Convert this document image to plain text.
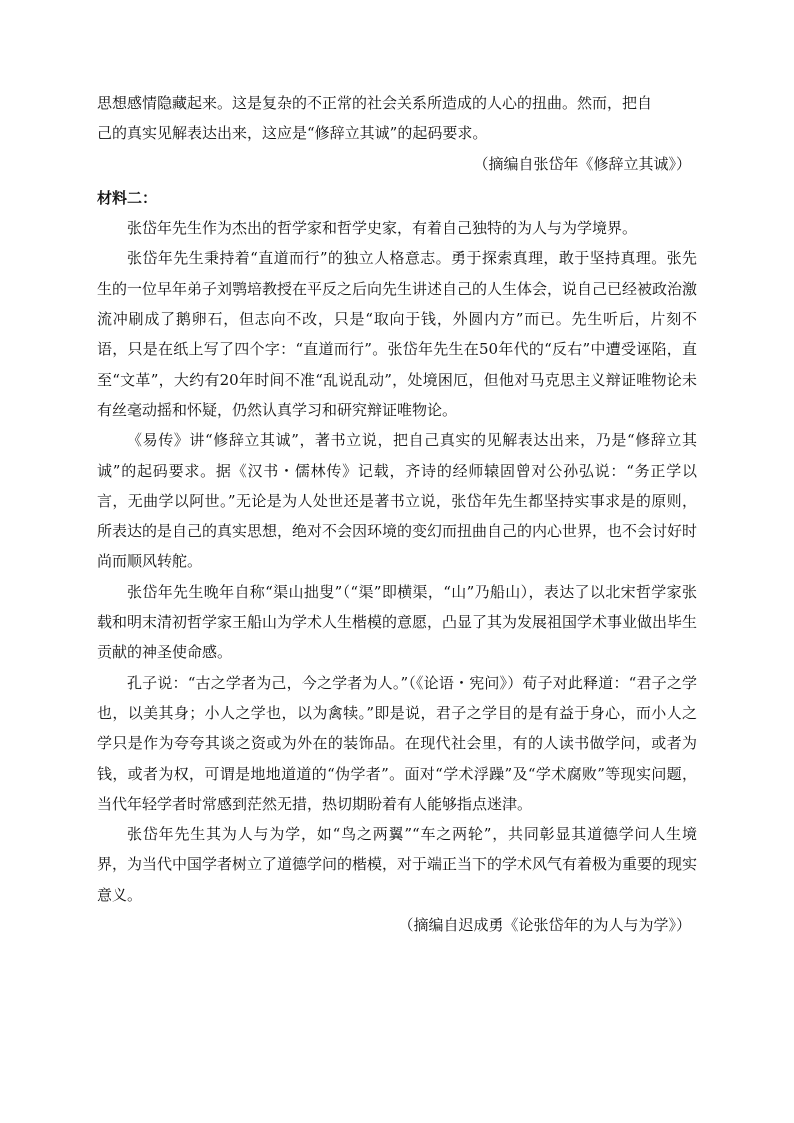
思想感情隐藏起来。这是复杂的不正常的社会关系所造成的人心的扭曲。然而，把自

己的真实见解表达出来，这应是“修辞立其诚”的起码要求。

（摘编自张岱年《修辞立其诚》）

材料二：

张岱年先生作为杰出的哲学家和哲学史家，有着自己独特的为人与为学境界。

张岱年先生秉持着“直道而行”的独立人格意志。勇于探索真理，敢于坚持真理。张先生的一位早年弟子刘鹗培教授在平反之后向先生讲述自己的人生体会，说自己已经被政治激流冲刷成了鹅卵石，但志向不改，只是“取向于钱，外圆内方”而已。先生听后，片刻不语，只是在纸上写了四个字：“直道而行”。张岱年先生在50年代的“反右”中遭受诬陷，直至“文革”，大约有20年时间不准“乱说乱动”，处境困厄，但他对马克思主义辩证唯物论未有丝毫动摇和怀疑，仍然认真学习和研究辩证唯物论。

《易传》讲“修辞立其诚”，著书立说，把自己真实的见解表达出来，乃是“修辞立其诚”的起码要求。据《汉书・儒林传》记载，齐诗的经师辕固曾对公孙弘说：“务正学以言，无曲学以阿世。”无论是为人处世还是著书立说，张岱年先生都坚持实事求是的原则，所表达的是自己的真实思想，绝对不会因环境的变幻而扭曲自己的内心世界，也不会讨好时尚而顺风转舵。

张岱年先生晚年自称“渠山拙叟”（“渠”即横渠，“山”乃船山），表达了以北宋哲学家张载和明末清初哲学家王船山为学术人生楷模的意愿，凸显了其为发展祖国学术事业做出毕生贡献的神圣使命感。

孔子说：“古之学者为己，今之学者为人。”（《论语・宪问》）荀子对此释道：“君子之学也，以美其身；小人之学也，以为禽犊。”即是说，君子之学目的是有益于身心，而小人之学只是作为夸夸其谈之资或为外在的装饰品。在现代社会里，有的人读书做学问，或者为钱，或者为权，可谓是地地道道的“伪学者”。面对“学术浮躁”及“学术腐败”等现实问题，当代年轻学者时常感到茫然无措，热切期盼着有人能够指点迷津。

张岱年先生其为人与为学，如“鸟之两翼”“车之两轮”，共同彰显其道德学问人生境界，为当代中国学者树立了道德学问的楷模，对于端正当下的学术风气有着极为重要的现实意义。

（摘编自迟成勇《论张岱年的为人与为学》）
